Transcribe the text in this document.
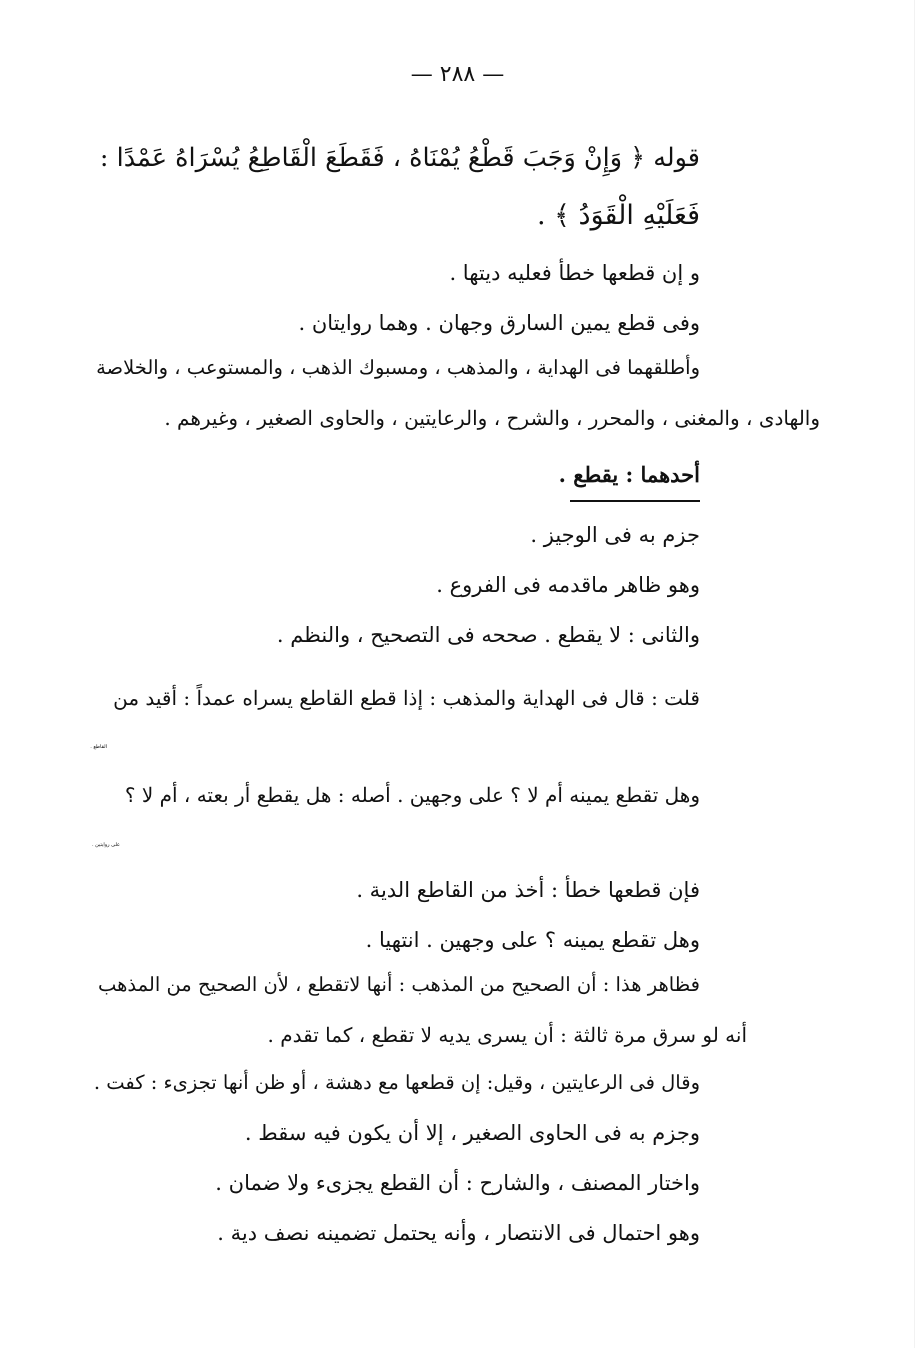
— ٢٨٨ —
قوله ﴿ وَإِنْ وَجَبَ قَطْعُ يُمْنَاهُ ، فَقَطَعَ الْقَاطِعُ يُسْرَاهُ عَمْدًا :
فَعَلَيْهِ الْقَوَدُ ﴾ .
و إن قطعها خطأ فعليه ديتها .
وفى قطع يمين السارق وجهان . وهما روايتان .
وأطلقهما فى الهداية ، والمذهب ، ومسبوك الذهب ، والمستوعب ، والخلاصة
والهادى ، والمغنى ، والمحرر ، والشرح ، والرعايتين ، والحاوى الصغير ، وغيرهم .
أحدهما : يقطع .
جزم به فى الوجيز .
وهو ظاهر ماقدمه فى الفروع .
والثانى : لا يقطع . صححه فى التصحيح ، والنظم .
قلت : قال فى الهداية والمذهب : إذا قطع القاطع يسراه عمداً : أقيد من
القاطع .
وهل تقطع يمينه أم لا ؟ على وجهين . أصله : هل يقطع أر بعته ، أم لا ؟
على روايتين .
فإن قطعها خطأ : أخذ من القاطع الدية .
وهل تقطع يمينه ؟ على وجهين . انتهيا .
فظاهر هذا : أن الصحيح من المذهب : أنها لاتقطع ، لأن الصحيح من المذهب
أنه لو سرق مرة ثالثة : أن يسرى يديه لا تقطع ، كما تقدم .
وقال فى الرعايتين ، وقيل: إن قطعها مع دهشة ، أو ظن أنها تجزىء : كفت .
وجزم به فى الحاوى الصغير ، إلا أن يكون فيه سقط .
واختار المصنف ، والشارح : أن القطع يجزىء ولا ضمان .
وهو احتمال فى الانتصار ، وأنه يحتمل تضمينه نصف دية .
